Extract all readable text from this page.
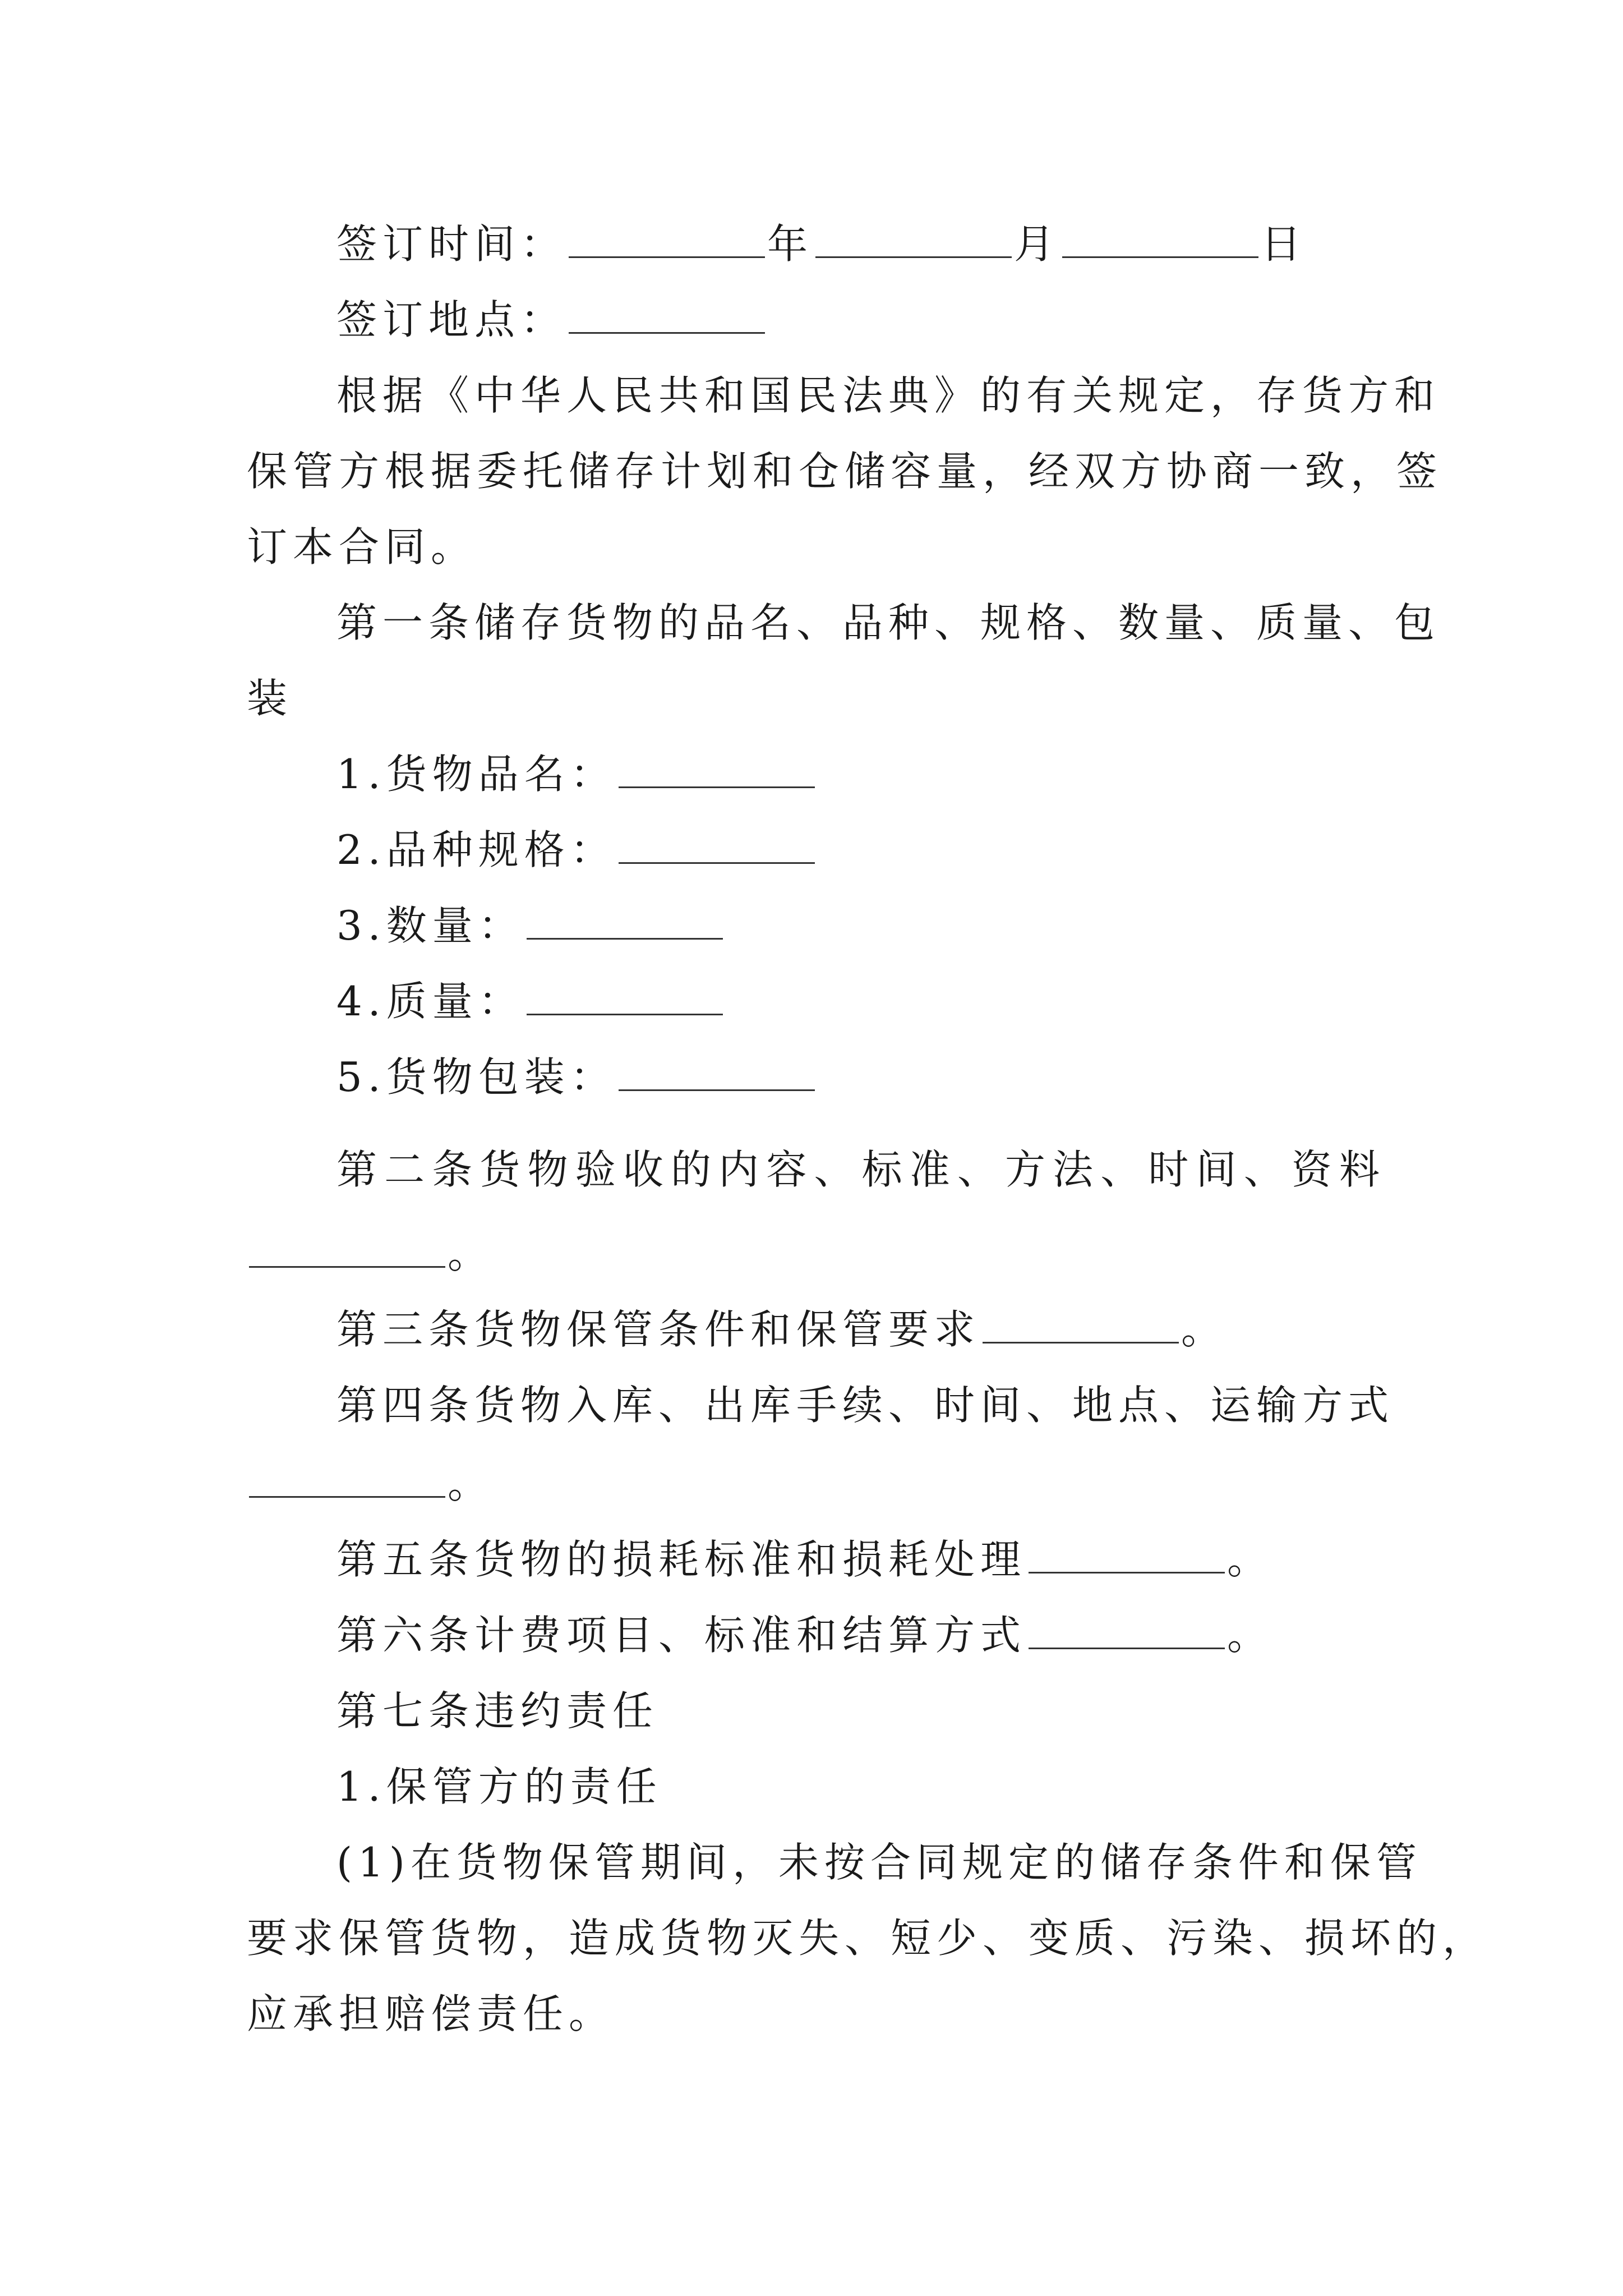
签订时间：	年	月	日
签订地点：
根据《中华人民共和国民法典》的有关规定，存货方和
保管方根据委托储存计划和仓储容量，经双方协商一致，签
订本合同。
第一条储存货物的品名、品种、规格、数量、质量、包
装
1.货物品名：
2.品种规格：
3.数量：
4.质量：
5.货物包装：
第二条货物验收的内容、标准、方法、时间、资料
。
第三条货物保管条件和保管要求	。
第四条货物入库、出库手续、时间、地点、运输方式
。
第五条货物的损耗标准和损耗处理	。
第六条计费项目、标准和结算方式	。
第七条违约责任
1.保管方的责任
(1)在货物保管期间，未按合同规定的储存条件和保管
要求保管货物，造成货物灭失、短少、变质、污染、损坏的，
应承担赔偿责任。
